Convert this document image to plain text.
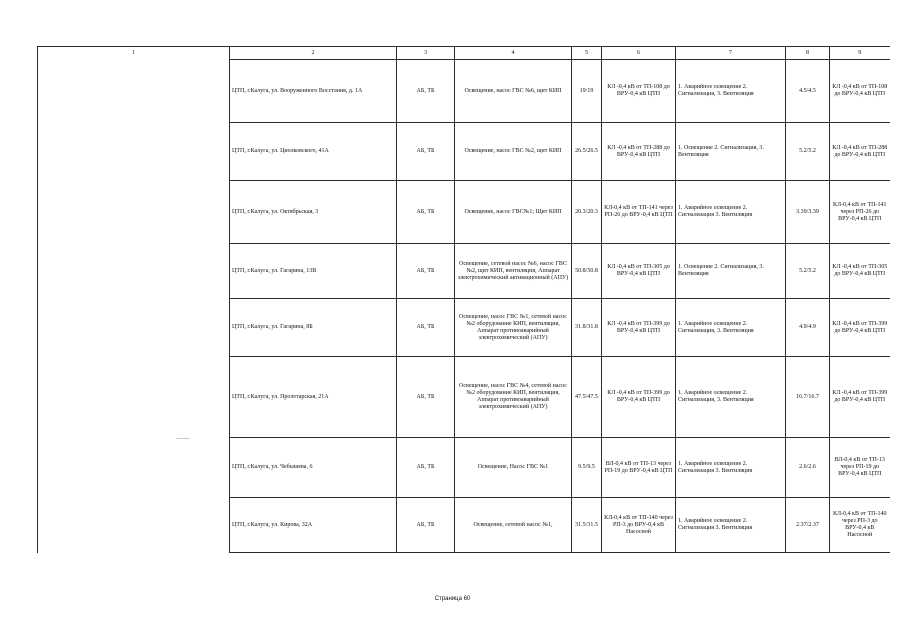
1	2	3	4	5	6	7	8	9
	ЦТП, г.Калуга, ул. Вооруженного Восстания, д. 1А	АБ, ТБ	Освещение, насос ГВС №6, щит КИП	19/19	КЛ -0,4 кВ от ТП-108 до ВРУ-0,4 кВ ЦТП	1. Аварийное освещение 2. Сигнализация, 3. Вентиляция	4.5/4.5	КЛ -0,4 кВ от ТП-108 до ВРУ-0,4 кВ ЦТП
	ЦТП, г.Калуга, ул. Циолковского, 41А	АБ, ТБ	Освещение, насос ГВС №2, щит КИП	26.5/26.5	КЛ -0,4 кВ от ТП-288 до ВРУ-0,4 кВ ЦТП	1. Освещение 2. Сигнализация, 3. Вентиляция	5.2/5.2	КЛ -0,4 кВ от ТП-288 до ВРУ-0,4 кВ ЦТП
	ЦТП, г.Калуга, ул. Октябрьская, 3	АБ, ТБ	Освещение, насос ГВС№1; Щит КИП	20.3/20.3	КЛ-0,4 кВ от ТП-141 через РП-26 до ВРУ-0,4 кВ ЦТП	1. Аварийное освещение 2. Сигнализация 3. Вентиляция	3.39/3.39	КЛ-0,4 кВ от ТП-141 через РП-26 до ВРУ-0,4 кВ ЦТП
	ЦТП, г.Калуга, ул. Гагарина, 13В	АБ, ТБ	Освещение, сетевой насос №6, насос ГВС №2, щит КИП, вентиляция, Аппарат электрохимический активационный (АПУ)	50.8/50.8	КЛ -0,4 кВ от ТП-305 до ВРУ-0,4 кВ ЦТП	1. Освещение 2. Сигнализация, 3. Вентиляция	5.2/5.2	КЛ -0,4 кВ от ТП-305 до ВРУ-0,4 кВ ЦТП
	ЦТП, г.Калуга, ул. Гагарина, 8Б	АБ, ТБ	Освещение, насос ГВС №1, сетевой насос №2 оборудование КИП, вентиляция, Аппарат противоаварийный электрохимический (АПУ)	31.8/31.8	КЛ -0,4 кВ от ТП-399 до ВРУ-0,4 кВ ЦТП	1. Аварийное освещение 2. Сигнализация, 3. Вентиляция	4.9/4.9	КЛ -0,4 кВ от ТП-399 до ВРУ-0,4 кВ ЦТП
	ЦТП, г.Калуга, ул. Пролетарская, 21А	АБ, ТБ	Освещение, насос ГВС №4, сетевой насос №2 оборудование КИП, вентиляция, Аппарат противоаварийный электрохимический (АПУ)	47.5/47.5	КЛ -0,4 кВ от ТП-399 до ВРУ-0,4 кВ ЦТП	1. Аварийное освещение 2. Сигнализация, 3. Вентиляция	16.7/16.7	КЛ -0,4 кВ от ТП-399 до ВРУ-0,4 кВ ЦТП
	ЦТП, г.Калуга, ул. Чебышева, 6	АБ, ТБ	Освещение, Насос ГВС №1	9.5/9.5	ВЛ-0,4 кВ от ТП-13 через РП-19 до ВРУ-0,4 кВ ЦТП	1. Аварийное освещение 2. Сигнализация 3. Вентиляция	2.6/2.6	ВЛ-0,4 кВ от ТП-13 через РП-19 до ВРУ-0,4 кВ ЦТП
	ЦТП, г.Калуга, ул. Кирова, 32А	АБ, ТБ	Освещение, сетевой насос №1,	31.5/31.5	КЛ-0,4 кВ от ТП-140 через РП-3 до ВРУ-0,4 кВ Насосной	1. Аварийное освещение 2. Сигнализация 3. Вентиляция	2.37/2.37	КЛ-0,4 кВ от ТП-140 через РП-3 до ВРУ-0,4 кВ Насосной
Страница 60
